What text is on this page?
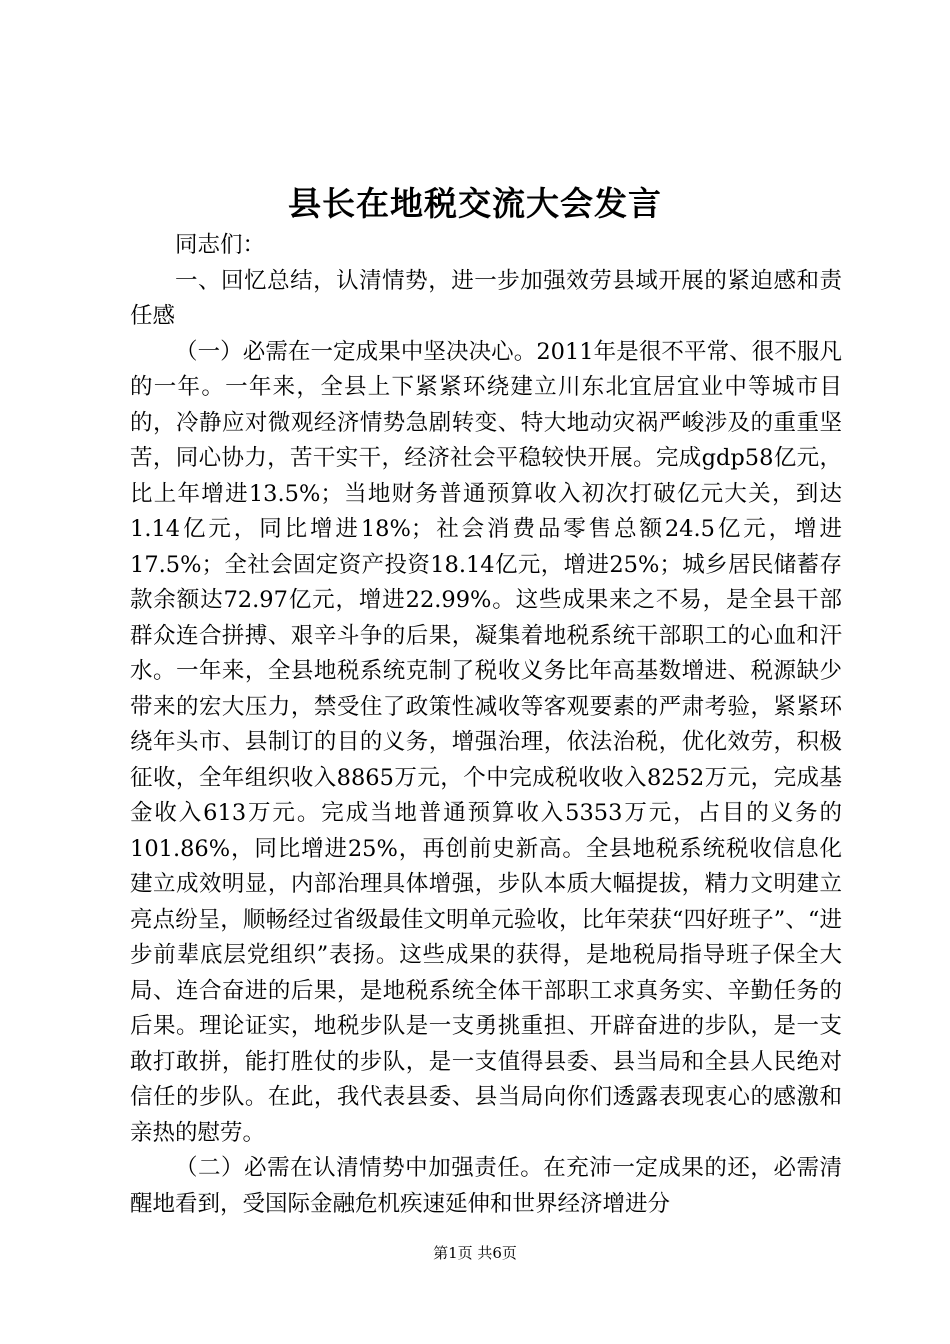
县长在地税交流大会发言

同志们：

一、回忆总结，认清情势，进一步加强效劳县域开展的紧迫感和责任感

（一）必需在一定成果中坚决决心。2011年是很不平常、很不服凡的一年。一年来，全县上下紧紧环绕建立川东北宜居宜业中等城市目的，冷静应对微观经济情势急剧转变、特大地动灾祸严峻涉及的重重坚苦，同心协力，苦干实干，经济社会平稳较快开展。完成gdp58亿元，比上年增进13.5%；当地财务普通预算收入初次打破亿元大关，到达1.14亿元，同比增进18%；社会消费品零售总额24.5亿元，增进17.5%；全社会固定资产投资18.14亿元，增进25%；城乡居民储蓄存款余额达72.97亿元，增进22.99%。这些成果来之不易，是全县干部群众连合拼搏、艰辛斗争的后果，凝集着地税系统干部职工的心血和汗水。一年来，全县地税系统克制了税收义务比年高基数增进、税源缺少带来的宏大压力，禁受住了政策性减收等客观要素的严肃考验，紧紧环绕年头市、县制订的目的义务，增强治理，依法治税，优化效劳，积极征收，全年组织收入8865万元，个中完成税收收入8252万元，完成基金收入613万元。完成当地普通预算收入5353万元，占目的义务的101.86%，同比增进25%，再创前史新高。全县地税系统税收信息化建立成效明显，内部治理具体增强，步队本质大幅提拔，精力文明建立亮点纷呈，顺畅经过省级最佳文明单元验收，比年荣获“四好班子”、“进步前辈底层党组织”表扬。这些成果的获得，是地税局指导班子保全大局、连合奋进的后果，是地税系统全体干部职工求真务实、辛勤任务的后果。理论证实，地税步队是一支勇挑重担、开辟奋进的步队，是一支敢打敢拼，能打胜仗的步队，是一支值得县委、县当局和全县人民绝对信任的步队。在此，我代表县委、县当局向你们透露表现衷心的感激和亲热的慰劳。

（二）必需在认清情势中加强责任。在充沛一定成果的还，必需清醒地看到，受国际金融危机疾速延伸和世界经济增进分

第1页 共6页
